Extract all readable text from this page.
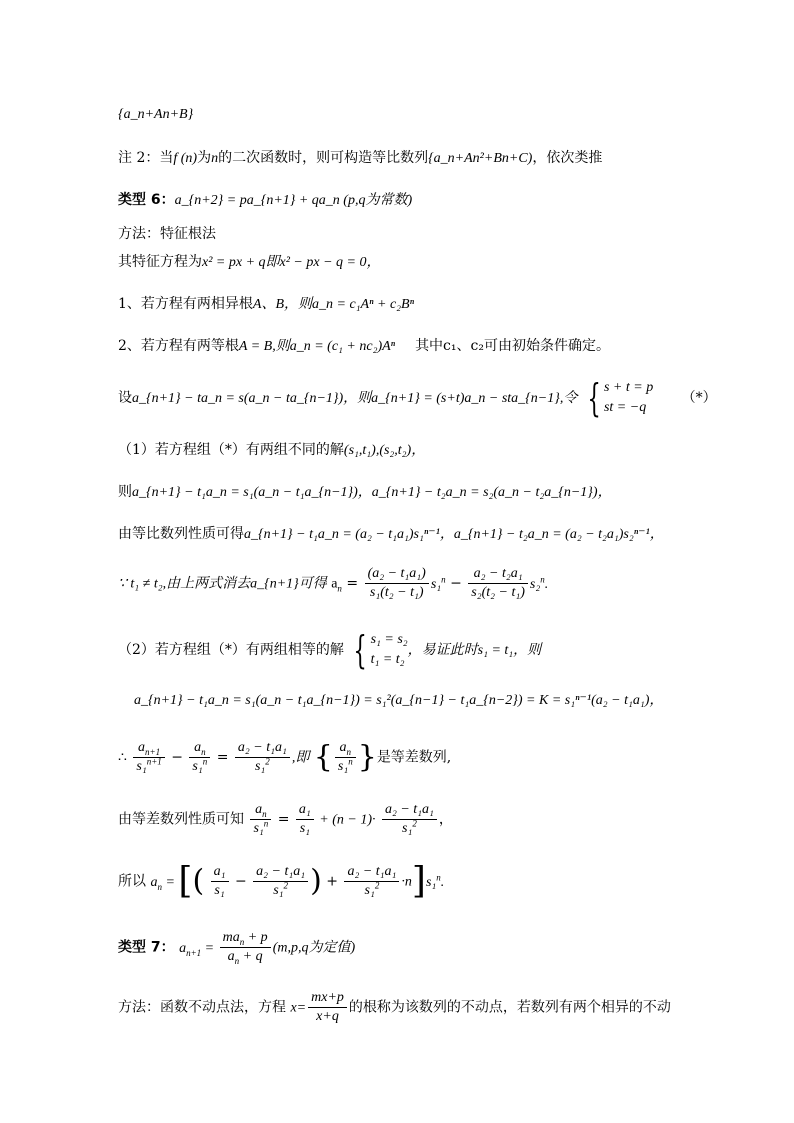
{a_n+An+B}
注 2：当f (n)为n的二次函数时，则可构造等比数列{a_n+An²+Bn+C)，依次类推
类型 6：a_{n+2} = pa_{n+1} + qa_n (p,q为常数)
方法：特征根法
其特征方程为x² = px + q即x² − px − q = 0，
1、若方程有两相异根A、B，则a_n = c₁Aⁿ + c₂Bⁿ
2、若方程有两等根A = B,则a_n = (c₁ + nc₂)Aⁿ 其中c₁、c₂可由初始条件确定。
设a_{n+1} − ta_n = s(a_n − ta_{n−1})，则a_{n+1} = (s+t)a_n − sta_{n−1},令 { s + t = p
st = −q
（*）
（1）若方程组（*）有两组不同的解(s₁,t₁),(s₂,t₂)，
则a_{n+1} − t₁a_n = s₁(a_n − t₁a_{n−1})，a_{n+1} − t₂a_n = s₂(a_n − t₂a_{n−1})，
由等比数列性质可得a_{n+1} − t₁a_n = (a₂ − t₁a₁)s₁ⁿ⁻¹，a_{n+1} − t₂a_n = (a₂ − t₂a₁)s₂ⁿ⁻¹，
∵ t₁ ≠ t₂,由上两式消去a_{n+1}可得 $a_n = \frac{\text{(a₂ − t₁a₁)}}{\text{s₁(t₂ − t₁)}} s_1^n - \frac{\text{a₂ − t₂a₁}}{\text{s₂(t₂ − t₁)}} s_2^n$.
（2）若方程组（*）有两组相等的解 { s₁ = s₂
t₁ = t₂
，易证此时s₁ = t₁，则
a_{n+1} − t₁a_n = s₁(a_n − t₁a_{n−1}) = s₁²(a_{n−1} − t₁a_{n−2}) = K = s₁ⁿ⁻¹(a₂ − t₁a₁)，
∴ $\frac{a_{n+1}}{s_1^{n+1}} - \frac{a_n}{s_1^n} = \frac{\text{a₂ − t₁a₁}}{s_1^2}$ ,即 { $\frac{a_n}{s_1^n}$ }是等差数列,
由等差数列性质可知 $\frac{a_n}{s_1^n} = \frac{\text{a₁}}{\text{s₁}} + (n - 1)\cdot \frac{\text{a₂ − t₁a₁}}{s_1^2}$ ，
所以 $a_n$ = [( $\frac{\text{a₁}}{\text{s₁}} - \frac{\text{a₂ − t₁a₁}}{s_1^2}$ ) + $\frac{\text{a₂ − t₁a₁}}{s_1^2} \cdot n]s_1^n$.
类型 7： $a_{n+1} = \frac{ma_n + p}{a_n + q} (m,p,q$为定值)
方法：函数不动点法，方程 $x= \frac{mx+p}{x+q}$ 的根称为该数列的不动点，若数列有两个相异的不动
